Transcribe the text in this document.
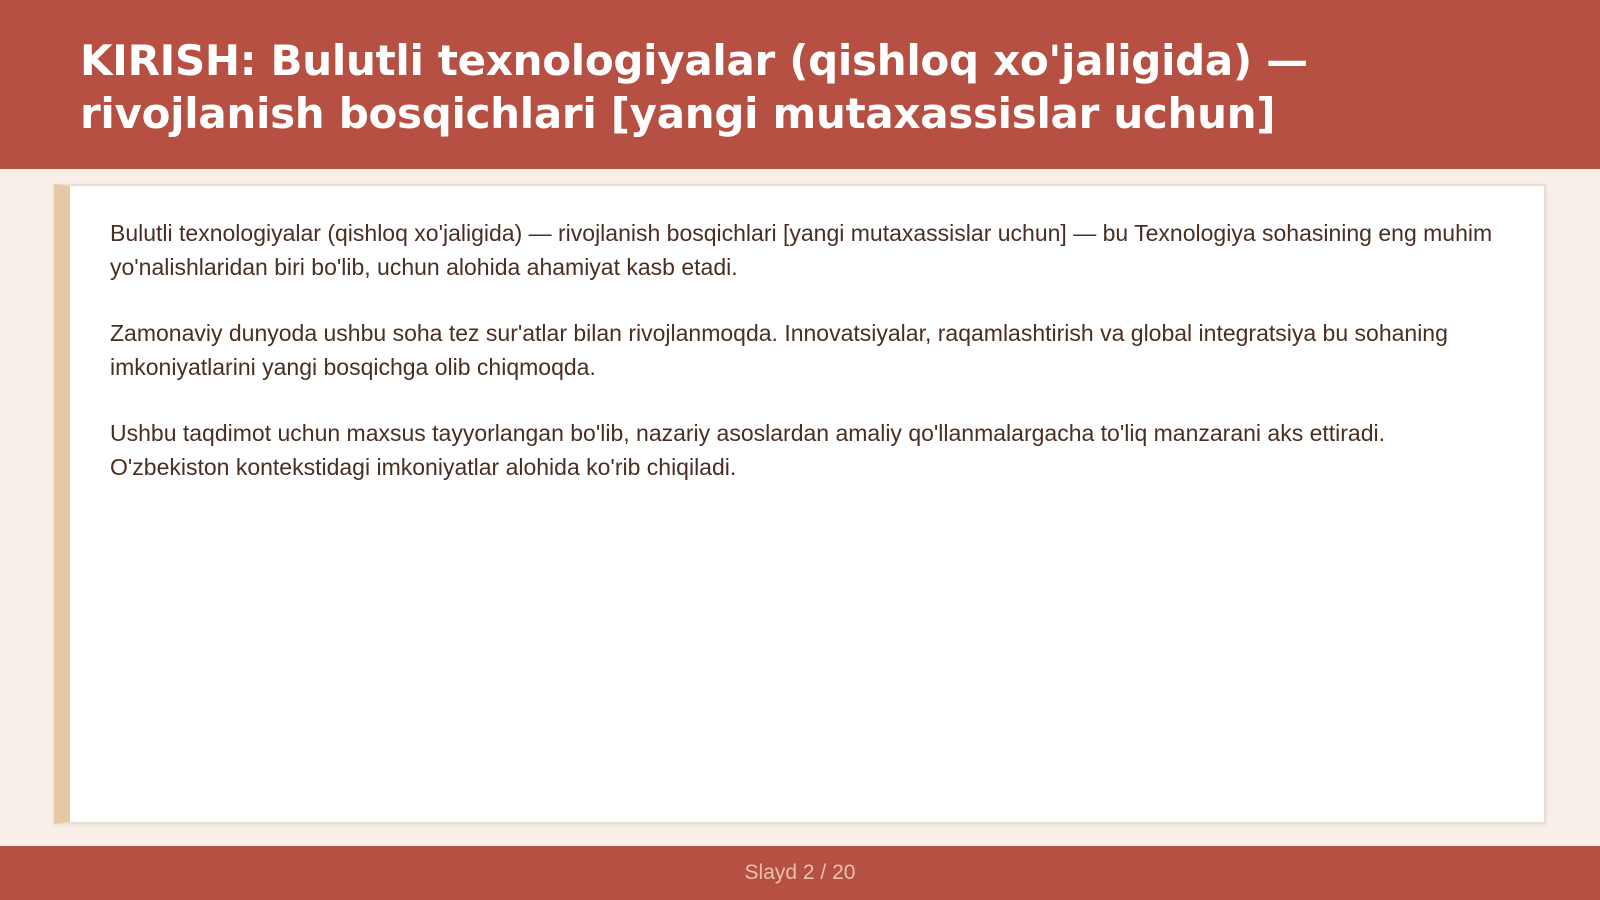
KIRISH: Bulutli texnologiyalar (qishloq xo'jaligida) — rivojlanish bosqichlari [yangi mutaxassislar uchun]

Bulutli texnologiyalar (qishloq xo'jaligida) — rivojlanish bosqichlari [yangi mutaxassislar uchun] — bu Texnologiya sohasining eng muhim yo'nalishlaridan biri bo'lib, uchun alohida ahamiyat kasb etadi.

Zamonaviy dunyoda ushbu soha tez sur'atlar bilan rivojlanmoqda. Innovatsiyalar, raqamlashtirish va global integratsiya bu sohaning imkoniyatlarini yangi bosqichga olib chiqmoqda.

Ushbu taqdimot uchun maxsus tayyorlangan bo'lib, nazariy asoslardan amaliy qo'llanmalargacha to'liq manzarani aks ettiradi. O'zbekiston kontekstidagi imkoniyatlar alohida ko'rib chiqiladi.

Slayd 2 / 20
